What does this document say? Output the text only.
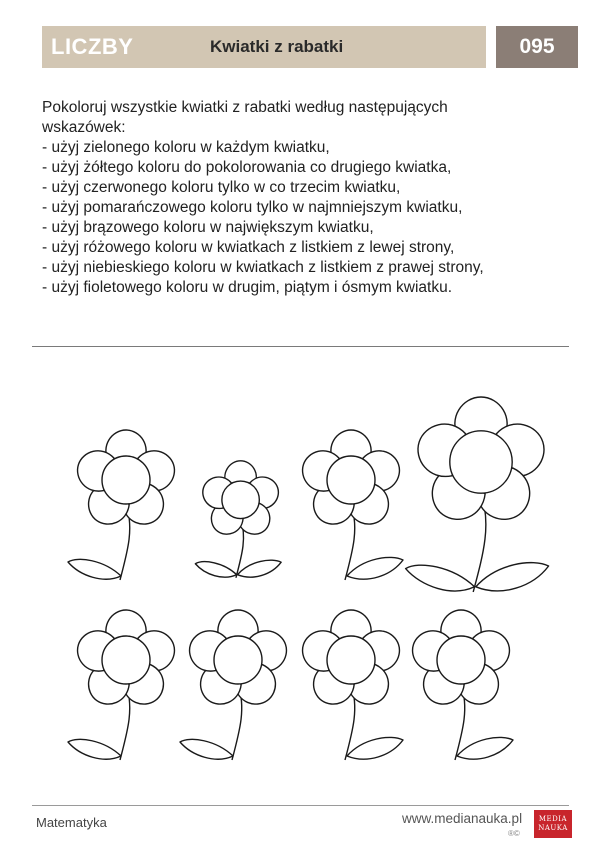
LICZBY	Kwiatki z rabatki	095
Pokoloruj wszystkie kwiatki z rabatki według następujących
wskazówek:
- użyj zielonego koloru w każdym kwiatku,
- użyj żółtego koloru do pokolorowania co drugiego kwiatka,
- użyj czerwonego koloru tylko w co trzecim kwiatku,
- użyj pomarańczowego koloru tylko w najmniejszym kwiatku,
- użyj brązowego koloru w największym kwiatku,
- użyj różowego koloru w kwiatkach z listkiem z lewej strony,
- użyj niebieskiego koloru w kwiatkach z listkiem z prawej strony,
- użyj fioletowego koloru w drugim, piątym i ósmym kwiatku.
Matematyka	www.medianauka.pl
®©
MEDIA
NAUKA
